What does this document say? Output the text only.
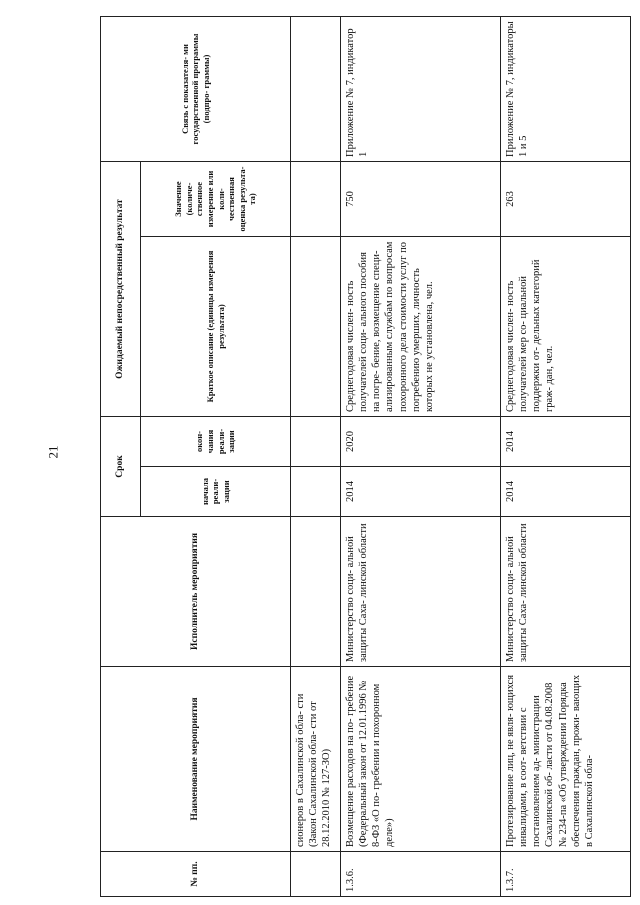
21
№ пп.	Наименование мероприятия	Исполнитель мероприятия	Срок		Ожидаемый непосредственный результат		Связь с показателя- ми государственной программы (подпро- граммы)
			начала реали- зации	окон- чания реали- зации	Краткое описание (единицы измерения результата)	Значение (количе- ственное измерение или коли- чественная оценка результа- та)	
	сионеров в Сахалинской обла- сти (Закон Сахалинской обла- сти от 28.12.2010 № 127-ЗО)						
1.3.6.	Возмещение расходов на по- гребение (Федеральный закон от 12.01.1996 № 8-ФЗ «О по- гребении и похоронном деле»)	Министерство соци- альной защиты Саха- линской области	2014	2020	Среднегодовая числен- ность получателей соци- ального пособия на погре- бение, возмещение специ- ализированным службам по вопросам похоронного дела стоимости услуг по погребению умерших, личность которых не установлена, чел.	750	Приложение № 7, индикатор 1
1.3.7.	Протезирование лиц, не явля- ющихся инвалидами, в соот- ветствии с постановлением ад- министрации Сахалинской об- ласти от 04.08.2008 № 234-па «Об утверждении Порядка обеспечения граждан, прожи- вающих в Сахалинской обла-	Министерство соци- альной защиты Саха- линской области	2014	2014	Среднегодовая числен- ность получателей мер со- циальной поддержки от- дельных категорий граж- дан, чел.	263	Приложение № 7, индикаторы 1 и 5
